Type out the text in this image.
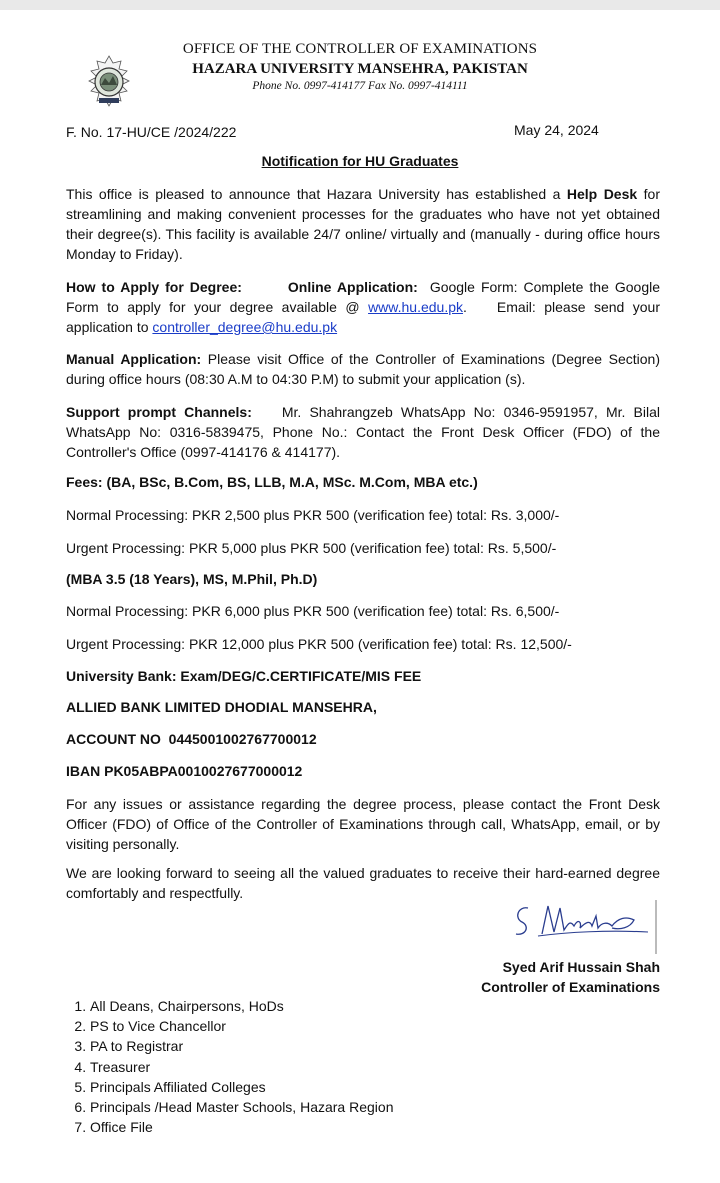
OFFICE OF THE CONTROLLER OF EXAMINATIONS
HAZARA UNIVERSITY MANSEHRA, PAKISTAN
Phone No. 0997-414177 Fax No. 0997-414111
F. No. 17-HU/CE /2024/222	May 24, 2024
Notification for HU Graduates
This office is pleased to announce that Hazara University has established a Help Desk for streamlining and making convenient processes for the graduates who have not yet obtained their degree(s). This facility is available 24/7 online/ virtually and (manually - during office hours Monday to Friday).
How to Apply for Degree:	Online Application: Google Form: Complete the Google Form to apply for your degree available @ www.hu.edu.pk. Email: please send your application to controller_degree@hu.edu.pk
Manual Application: Please visit Office of the Controller of Examinations (Degree Section) during office hours (08:30 A.M to 04:30 P.M) to submit your application (s).
Support prompt Channels: Mr. Shahrangzeb WhatsApp No: 0346-9591957, Mr. Bilal WhatsApp No: 0316-5839475, Phone No.: Contact the Front Desk Officer (FDO) of the Controller's Office (0997-414176 & 414177).
Fees: (BA, BSc, B.Com, BS, LLB, M.A, MSc. M.Com, MBA etc.)
Normal Processing: PKR 2,500 plus PKR 500 (verification fee) total: Rs. 3,000/-
Urgent Processing: PKR 5,000 plus PKR 500 (verification fee) total: Rs. 5,500/-
(MBA 3.5 (18 Years), MS, M.Phil, Ph.D)
Normal Processing: PKR 6,000 plus PKR 500 (verification fee) total: Rs. 6,500/-
Urgent Processing: PKR 12,000 plus PKR 500 (verification fee) total: Rs. 12,500/-
University Bank: Exam/DEG/C.CERTIFICATE/MIS FEE
ALLIED BANK LIMITED DHODIAL MANSEHRA,
ACCOUNT NO  0445001002767700012
IBAN PK05ABPA0010027677000012
For any issues or assistance regarding the degree process, please contact the Front Desk Officer (FDO) of Office of the Controller of Examinations through call, WhatsApp, email, or by visiting personally.
We are looking forward to seeing all the valued graduates to receive their hard-earned degree comfortably and respectfully.
Syed Arif Hussain Shah
Controller of Examinations
1. All Deans, Chairpersons, HoDs
2. PS to Vice Chancellor
3. PA to Registrar
4. Treasurer
5. Principals Affiliated Colleges
6. Principals /Head Master Schools, Hazara Region
7. Office File
